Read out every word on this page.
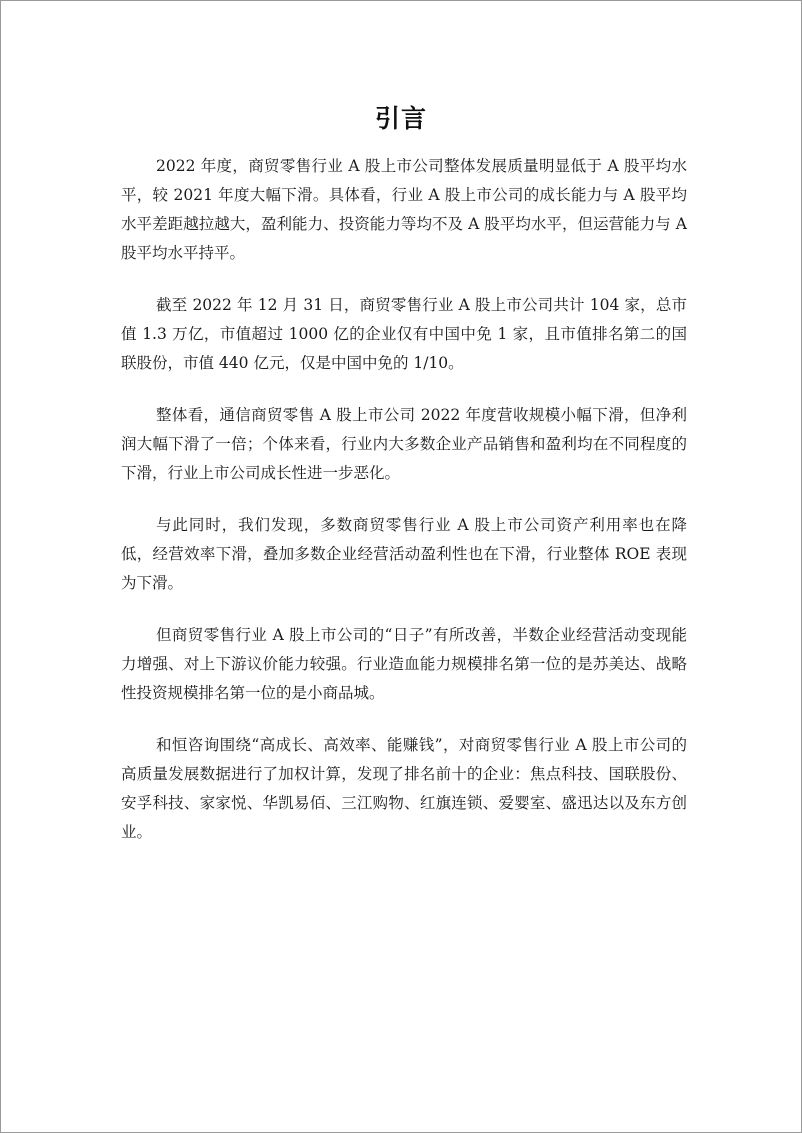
引言

2022 年度，商贸零售行业 A 股上市公司整体发展质量明显低于 A 股平均水平，较 2021 年度大幅下滑。具体看，行业 A 股上市公司的成长能力与 A 股平均水平差距越拉越大，盈利能力、投资能力等均不及 A 股平均水平，但运营能力与 A 股平均水平持平。

截至 2022 年 12 月 31 日，商贸零售行业 A 股上市公司共计 104 家，总市值 1.3 万亿，市值超过 1000 亿的企业仅有中国中免 1 家，且市值排名第二的国联股份，市值 440 亿元，仅是中国中免的 1/10。

整体看，通信商贸零售 A 股上市公司 2022 年度营收规模小幅下滑，但净利润大幅下滑了一倍；个体来看，行业内大多数企业产品销售和盈利均在不同程度的下滑，行业上市公司成长性进一步恶化。

与此同时，我们发现，多数商贸零售行业 A 股上市公司资产利用率也在降低，经营效率下滑，叠加多数企业经营活动盈利性也在下滑，行业整体 ROE 表现为下滑。

但商贸零售行业 A 股上市公司的“日子”有所改善，半数企业经营活动变现能力增强、对上下游议价能力较强。行业造血能力规模排名第一位的是苏美达、战略性投资规模排名第一位的是小商品城。

和恒咨询围绕“高成长、高效率、能赚钱”，对商贸零售行业 A 股上市公司的高质量发展数据进行了加权计算，发现了排名前十的企业：焦点科技、国联股份、安孚科技、家家悦、华凯易佰、三江购物、红旗连锁、爱婴室、盛迅达以及东方创业。
